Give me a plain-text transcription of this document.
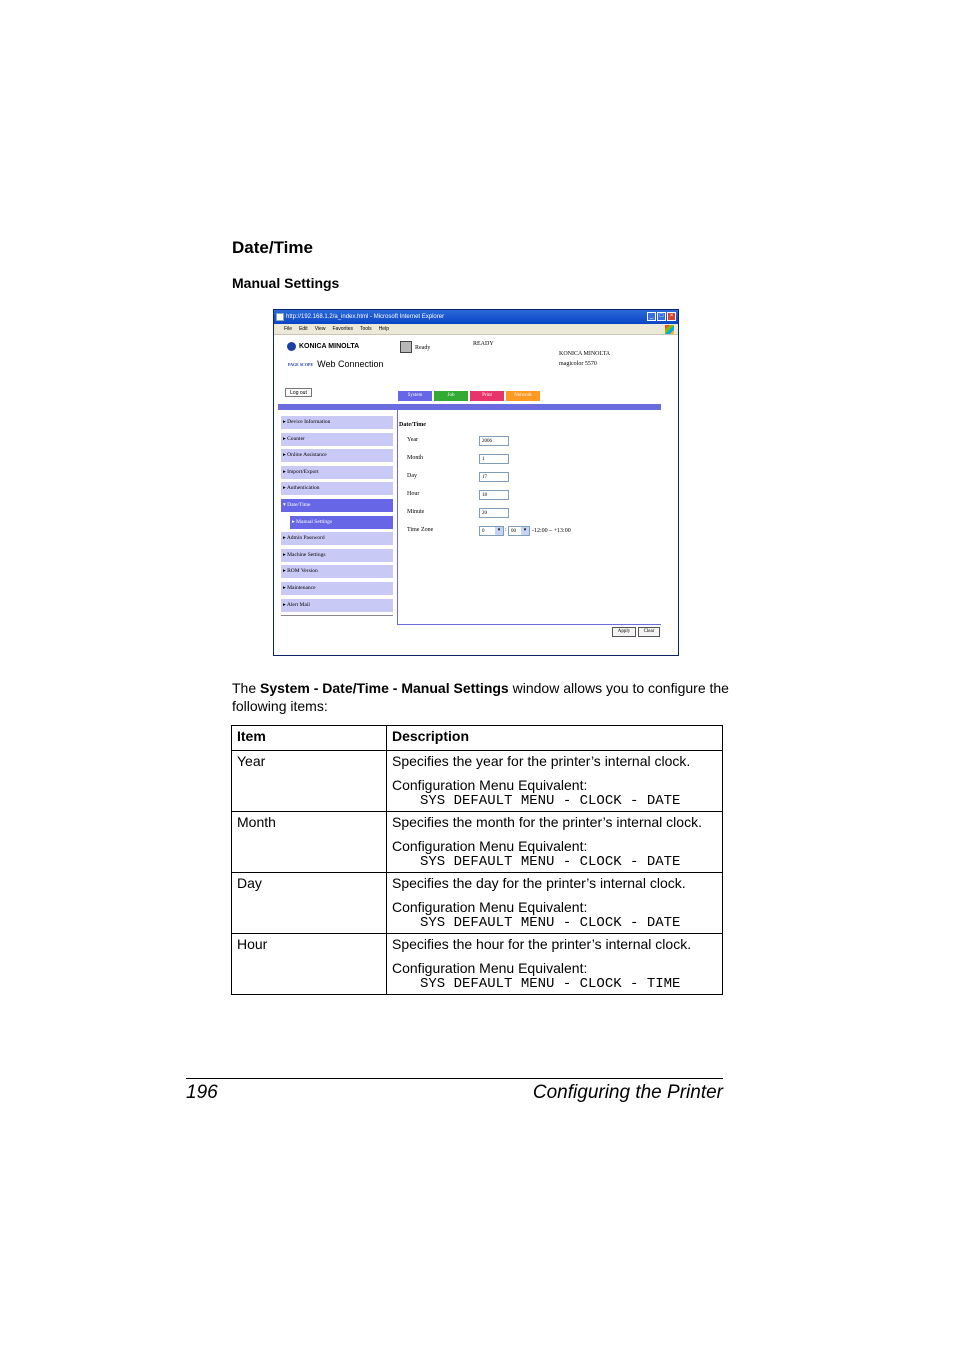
Date/Time
Manual Settings
http://192.168.1.2/a_index.html - Microsoft Internet Explorer	_	□	×
File Edit View Favorites Tools Help
KONICA MINOLTA
PAGE SCOPE Web Connection
Log out
Ready
READY
KONICA MINOLTA
magicolor 5570
System	Job	Print	Network
▸ Device Information
▸ Counter
▸ Online Assistance
▸ Import/Export
▸ Authentication
▾ Date/Time
▸ Manual Settings
▸ Admin Password
▸ Machine Settings
▸ ROM Version
▸ Maintenance
▸ Alert Mail
Date/Time
Year	2006
Month	1
Day	17
Hour	18
Minute	20
Time Zone	0	▾ : 00	▾ -12:00 – +13:00
Apply	Clear
The System - Date/Time - Manual Settings window allows you to configure the following items:
Item	Description
Year	Specifies the year for the printer’s internal clock.

Configuration Menu Equivalent:
SYS DEFAULT MENU - CLOCK - DATE

Month	Specifies the month for the printer’s internal clock.

Configuration Menu Equivalent:
SYS DEFAULT MENU - CLOCK - DATE

Day	Specifies the day for the printer’s internal clock.

Configuration Menu Equivalent:
SYS DEFAULT MENU - CLOCK - DATE

Hour	Specifies the hour for the printer’s internal clock.

Configuration Menu Equivalent:
SYS DEFAULT MENU - CLOCK - TIME
196	Configuring the Printer
